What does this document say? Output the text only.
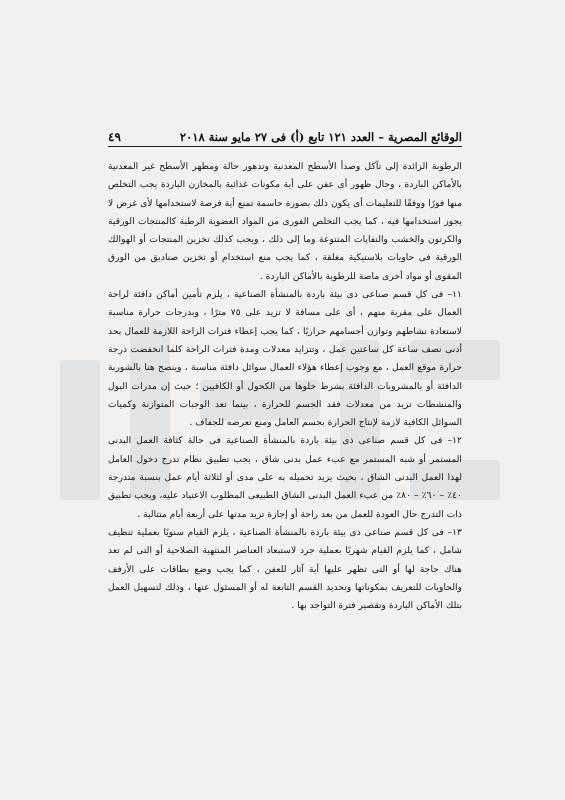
الوقائع المصرية – العدد ١٢١ تابع (أ) فى ٢٧ مايو سنة ٢٠١٨
٤٩

الرطوبة الزائدة إلى تآكل وصدأ الأسطح المعدنية وتدهور حالة ومظهر الأسطح غير المعدنية بالأماكن الباردة ، وحال ظهور أى عفن على أية مكونات غذائية بالمخازن الباردة يجب التخلص منها فورًا ووفقًا للتعليمات أى يكون ذلك بصورة حاسمة تمنع أية فرصة لاستخدامها لأى غرض لا يجوز استخدامها فيه ، كما يجب التخلص الفورى من المواد العضوية الرطبة كالمنتجات الورقية والكرتون والخشب والنفايات المتنوعة وما إلى ذلك ، ويجب كذلك تخزين المنتجات أو الهوالك الورقية فى حاويات بلاستيكية مغلقة ، كما يجب منع استخدام أو تخزين صناديق من الورق المقوى أو مواد أخرى ماصة للرطوبة بالأماكن الباردة .

١١– فى كل قسم صناعى ذى بيئة باردة بالمنشأة الصناعية ، يلزم تأمين أماكن دافئة لراحة العمال على مقربة منهم ، أى على مسافة لا تزيد على ٧٥ مترًا ، وبدرجات حرارة مناسبة لاستعادة نشاطهم وتوازن أجسامهم حراريًا ، كما يجب إعطاء فترات الراحة اللازمة للعمال بحد أدنى نصف ساعة كل ساعتين عمل ، وتتزايد معدلات ومدة فترات الراحة كلما انخفضت درجة حرارة موقع العمل ، مع وجوب إعطاء هؤلاء العمال سوائل دافئة مناسبة ، وينصح هنا بالشوربة الدافئة أو بالمشروبات الدافئة بشرط خلوها من الكحول أو الكافيين ؛ حيث إن مدرات البول والمنشطات تزيد من معدلات فقد الجسم للحرارة ، بينما تعد الوجبات المتوازنة وكميات السوائل الكافية لازمة لإنتاج الحرارة بجسم العامل ومنع تعرضه للجفاف .

١٢– فى كل قسم صناعى ذى بيئة باردة بالمنشأة الصناعية فى حالة كثافة العمل البدنى المستمر أو شبه المستمر مع عبء عمل بدنى شاق ، يجب تطبيق نظام تدرج دخول العامل لهذا العمل البدنى الشاق ، بحيث يزيد تحميله به على مدى أو لثلاثة أيام عمل بنسبة متدرجة ٤٠٪ – ٦٠٪ – ٨٠٪ من عبء العمل البدنى الشاق الطبيعى المطلوب الاعتياد عليه، ويجب تطبيق ذات التدرج حال العودة للعمل من بعد راحة أو إجازة تزيد مدتها على أربعة أيام متتالية .

١٣– فى كل قسم صناعى ذى بيئة باردة بالمنشأة الصناعية ، يلزم القيام سنويًا بعملية تنظيف شامل ، كما يلزم القيام شهريًا بعملية جرد لاستبعاد العناصر المنتهية الصلاحية أو التى لم تعد هناك حاجة لها أو التى تظهر عليها أية آثار للعفن ، كما يجب وضع بطاقات على الأرفف والحاويات للتعريف بمكوناتها وتحديد القسم التابعة له أو المسئول عنها ، وذلك لتسهيل العمل بتلك الأماكن الباردة وتقصير فترة التواجد بها .
